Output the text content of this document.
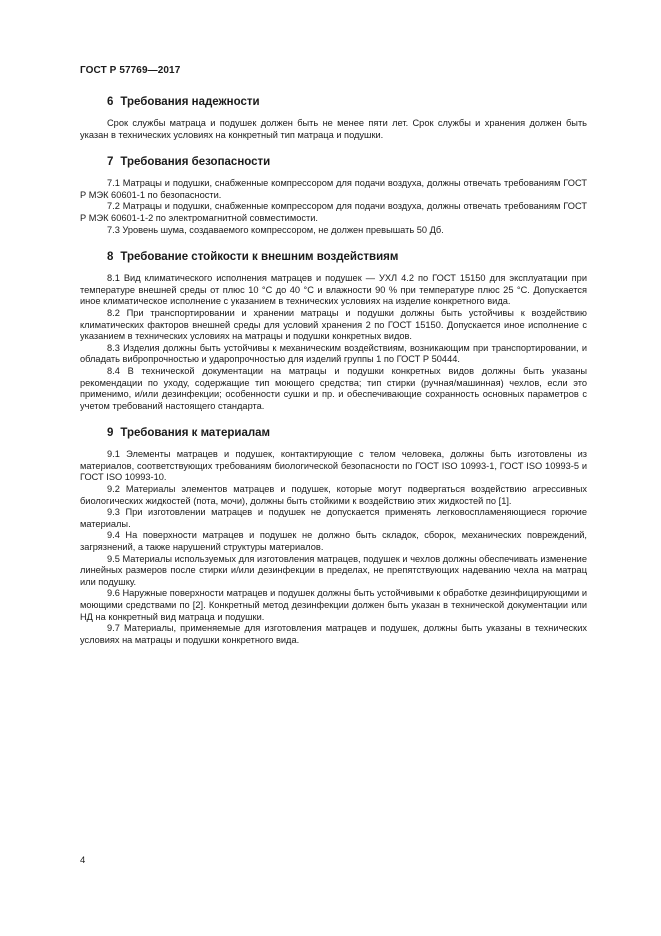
ГОСТ Р 57769—2017
6 Требования надежности

Срок службы матраца и подушек должен быть не менее пяти лет. Срок службы и хранения должен быть указан в технических условиях на конкретный тип матраца и подушки.

7 Требования безопасности

7.1 Матрацы и подушки, снабженные компрессором для подачи воздуха, должны отвечать требованиям ГОСТ Р МЭК 60601-1 по безопасности.

7.2 Матрацы и подушки, снабженные компрессором для подачи воздуха, должны отвечать требованиям ГОСТ Р МЭК 60601-1-2 по электромагнитной совместимости.

7.3 Уровень шума, создаваемого компрессором, не должен превышать 50 Дб.

8 Требование стойкости к внешним воздействиям

8.1 Вид климатического исполнения матрацев и подушек — УХЛ 4.2 по ГОСТ 15150 для эксплуатации при температуре внешней среды от плюс 10 °С до 40 °С и влажности 90 % при температуре плюс 25 °С. Допускается иное климатическое исполнение с указанием в технических условиях на изделие конкретного вида.

8.2 При транспортировании и хранении матрацы и подушки должны быть устойчивы к воздействию климатических факторов внешней среды для условий хранения 2 по ГОСТ 15150. Допускается иное исполнение с указанием в технических условиях на матрацы и подушки конкретных видов.

8.3 Изделия должны быть устойчивы к механическим воздействиям, возникающим при транспортировании, и обладать вибропрочностью и ударопрочностью для изделий группы 1 по ГОСТ Р 50444.

8.4 В технической документации на матрацы и подушки конкретных видов должны быть указаны рекомендации по уходу, содержащие тип моющего средства; тип стирки (ручная/машинная) чехлов, если это применимо, и/или дезинфекции; особенности сушки и пр. и обеспечивающие сохранность основных параметров с учетом требований настоящего стандарта.

9 Требования к материалам

9.1 Элементы матрацев и подушек, контактирующие с телом человека, должны быть изготовлены из материалов, соответствующих требованиям биологической безопасности по ГОСТ ISO 10993-1, ГОСТ ISO 10993-5 и ГОСТ ISO 10993-10.

9.2 Материалы элементов матрацев и подушек, которые могут подвергаться воздействию агрессивных биологических жидкостей (пота, мочи), должны быть стойкими к воздействию этих жидкостей по [1].

9.3 При изготовлении матрацев и подушек не допускается применять легковоспламеняющиеся горючие материалы.

9.4 На поверхности матрацев и подушек не должно быть складок, сборок, механических повреждений, загрязнений, а также нарушений структуры материалов.

9.5 Материалы используемых для изготовления матрацев, подушек и чехлов должны обеспечивать изменение линейных размеров после стирки и/или дезинфекции в пределах, не препятствующих надеванию чехла на матрац или подушку.

9.6 Наружные поверхности матрацев и подушек должны быть устойчивыми к обработке дезинфицирующими и моющими средствами по [2]. Конкретный метод дезинфекции должен быть указан в технической документации или НД на конкретный вид матраца и подушки.

9.7 Материалы, применяемые для изготовления матрацев и подушек, должны быть указаны в технических условиях на матрацы и подушки конкретного вида.

4
